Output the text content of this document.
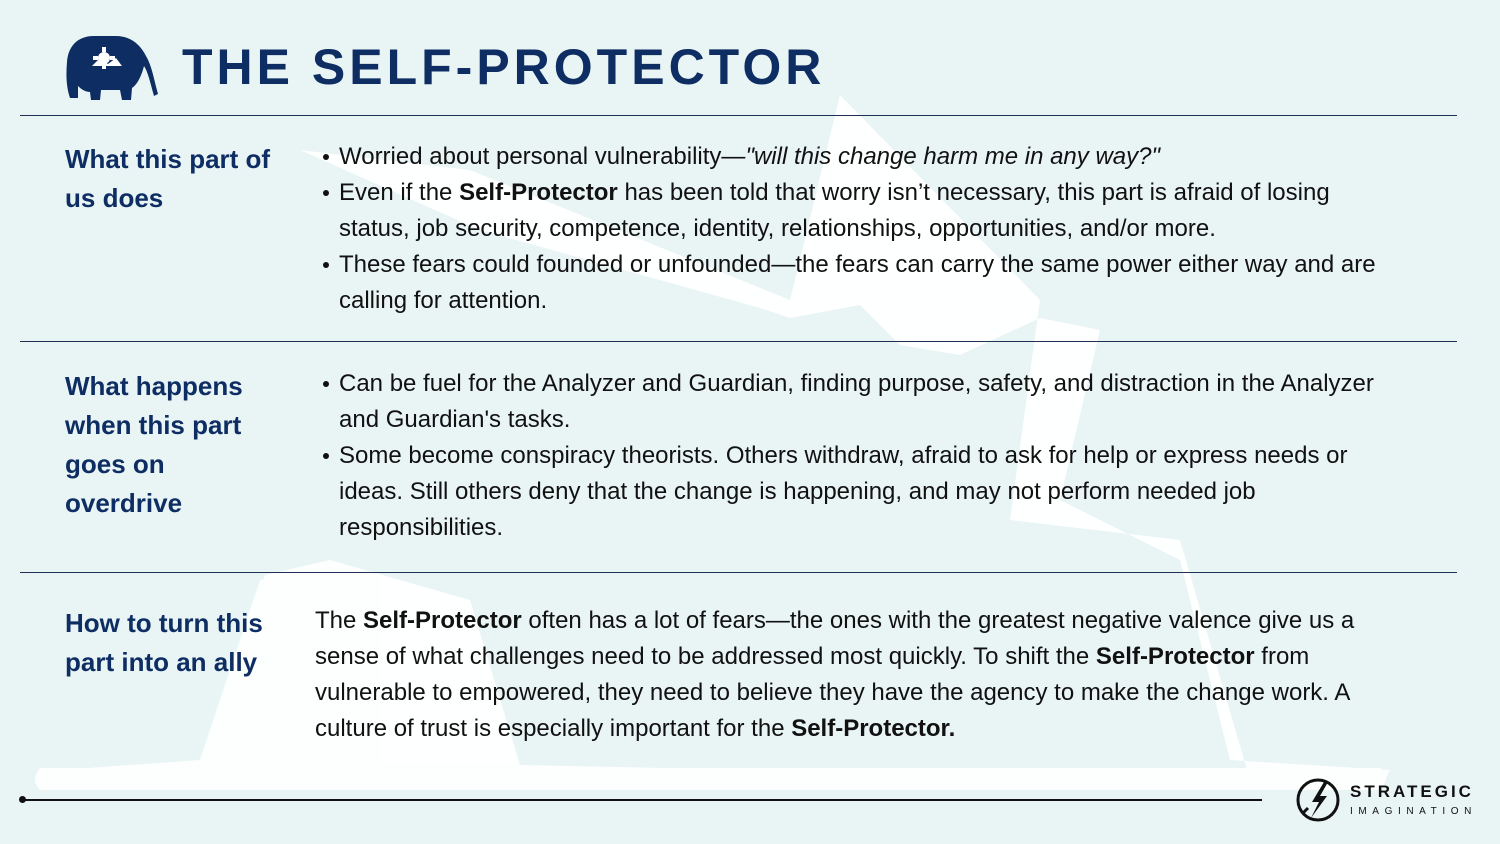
THE SELF-PROTECTOR
What this part of us does
Worried about personal vulnerability—"will this change harm me in any way?"
Even if the Self-Protector has been told that worry isn’t necessary, this part is afraid of losing status, job security, competence, identity, relationships, opportunities, and/or more.
These fears could founded or unfounded—the fears can carry the same power either way and are calling for attention.
What happens when this part goes on overdrive
Can be fuel for the Analyzer and Guardian, finding purpose, safety, and distraction in the Analyzer and Guardian's tasks.
Some become conspiracy theorists. Others withdraw, afraid to ask for help or express needs or ideas. Still others deny that the change is happening, and may not perform needed job responsibilities.
How to turn this part into an ally

The Self-Protector often has a lot of fears—the ones with the greatest negative valence give us a sense of what challenges need to be addressed most quickly. To shift the Self-Protector from vulnerable to empowered, they need to believe they have the agency to make the change work. A culture of trust is especially important for the Self-Protector.

STRATEGIC
IMAGINATION
